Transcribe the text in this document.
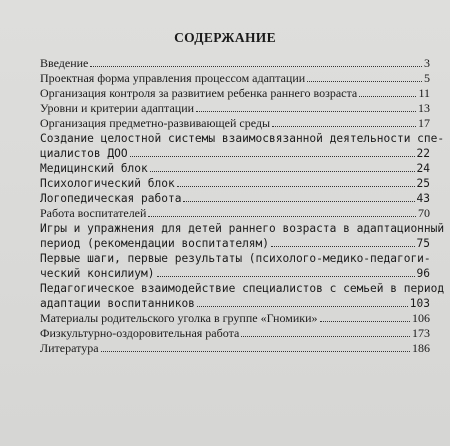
СОДЕРЖАНИЕ
Введение	3
Проектная форма управления процессом адаптации	5
Организация контроля за развитием ребенка раннего возраста	11
Уровни и критерии адаптации	13
Организация предметно-развивающей среды	17
Создание целостной системы взаимосвязанной деятельности спе-
циалистов ДОО	22
Медицинский блок	24
Психологический блок	25
Логопедическая работа	43
Работа воспитателей	70
Игры и упражнения для детей раннего возраста в адаптационный
период (рекомендации воспитателям)	75
Первые шаги, первые результаты (психолого-медико-педагоги-
ческий консилиум)	96
Педагогическое взаимодействие специалистов с семьей в период
адаптации воспитанников	103
Материалы родительского уголка в группе «Гномики»	106
Физкультурно-оздоровительная работа	173
Литература	186
